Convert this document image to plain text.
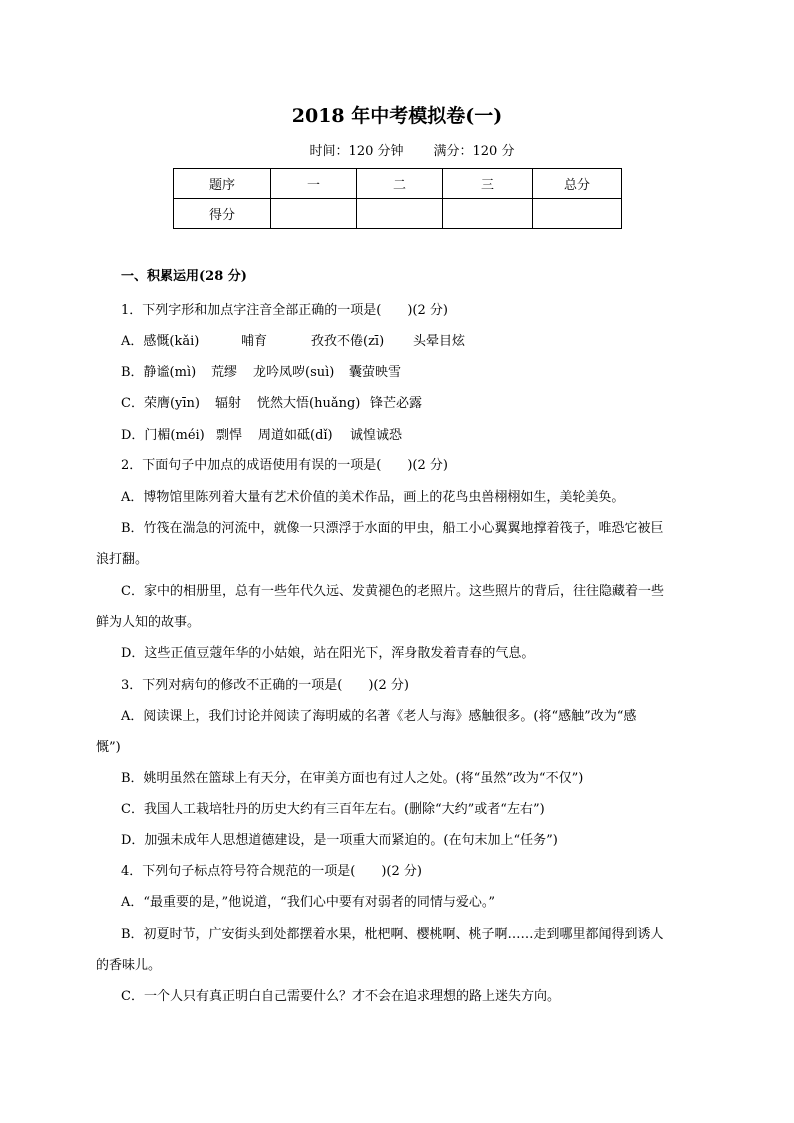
2018 年中考模拟卷(一)
时间：120 分钟 满分：120 分
题序	一	二	三	总分
得分				
一、积累运用(28 分)
1．下列字形和加点字注音全部正确的一项是(　　)(2 分)
A．感慨(kǎi)	哺育	孜孜不倦(zī) 头晕目炫
B．静谧(mì) 荒缪 龙吟凤哕(suì) 囊萤映雪
C．荣膺(yīn) 辐射 恍然大悟(huǎng) 锋芒必露
D．门楣(méi) 剽悍 周道如砥(dǐ) 诚惶诚恐
2．下面句子中加点的成语使用有误的一项是(　　)(2 分)
A．博物馆里陈列着大量有艺术价值的美术作品，画上的花鸟虫兽栩栩如生，美轮美奂。
B．竹筏在湍急的河流中，就像一只漂浮于水面的甲虫，船工小心翼翼地撑着筏子，唯恐它被巨
浪打翻。
C．家中的相册里，总有一些年代久远、发黄褪色的老照片。这些照片的背后，往往隐藏着一些
鲜为人知的故事。
D．这些正值豆蔻年华的小姑娘，站在阳光下，浑身散发着青春的气息。
3．下列对病句的修改不正确的一项是(　　)(2 分)
A．阅读课上，我们讨论并阅读了海明威的名著《老人与海》感触很多。(将“感触”改为“感
慨”)
B．姚明虽然在篮球上有天分，在审美方面也有过人之处。(将“虽然”改为“不仅”)
C．我国人工栽培牡丹的历史大约有三百年左右。(删除“大约”或者“左右”)
D．加强未成年人思想道德建设，是一项重大而紧迫的。(在句末加上“任务”)
4．下列句子标点符号符合规范的一项是(　　)(2 分)
A．“最重要的是，”他说道，“我们心中要有对弱者的同情与爱心。”
B．初夏时节，广安街头到处都摆着水果，枇杷啊、樱桃啊、桃子啊……走到哪里都闻得到诱人
的香味儿。
C．一个人只有真正明白自己需要什么？才不会在追求理想的路上迷失方向。
